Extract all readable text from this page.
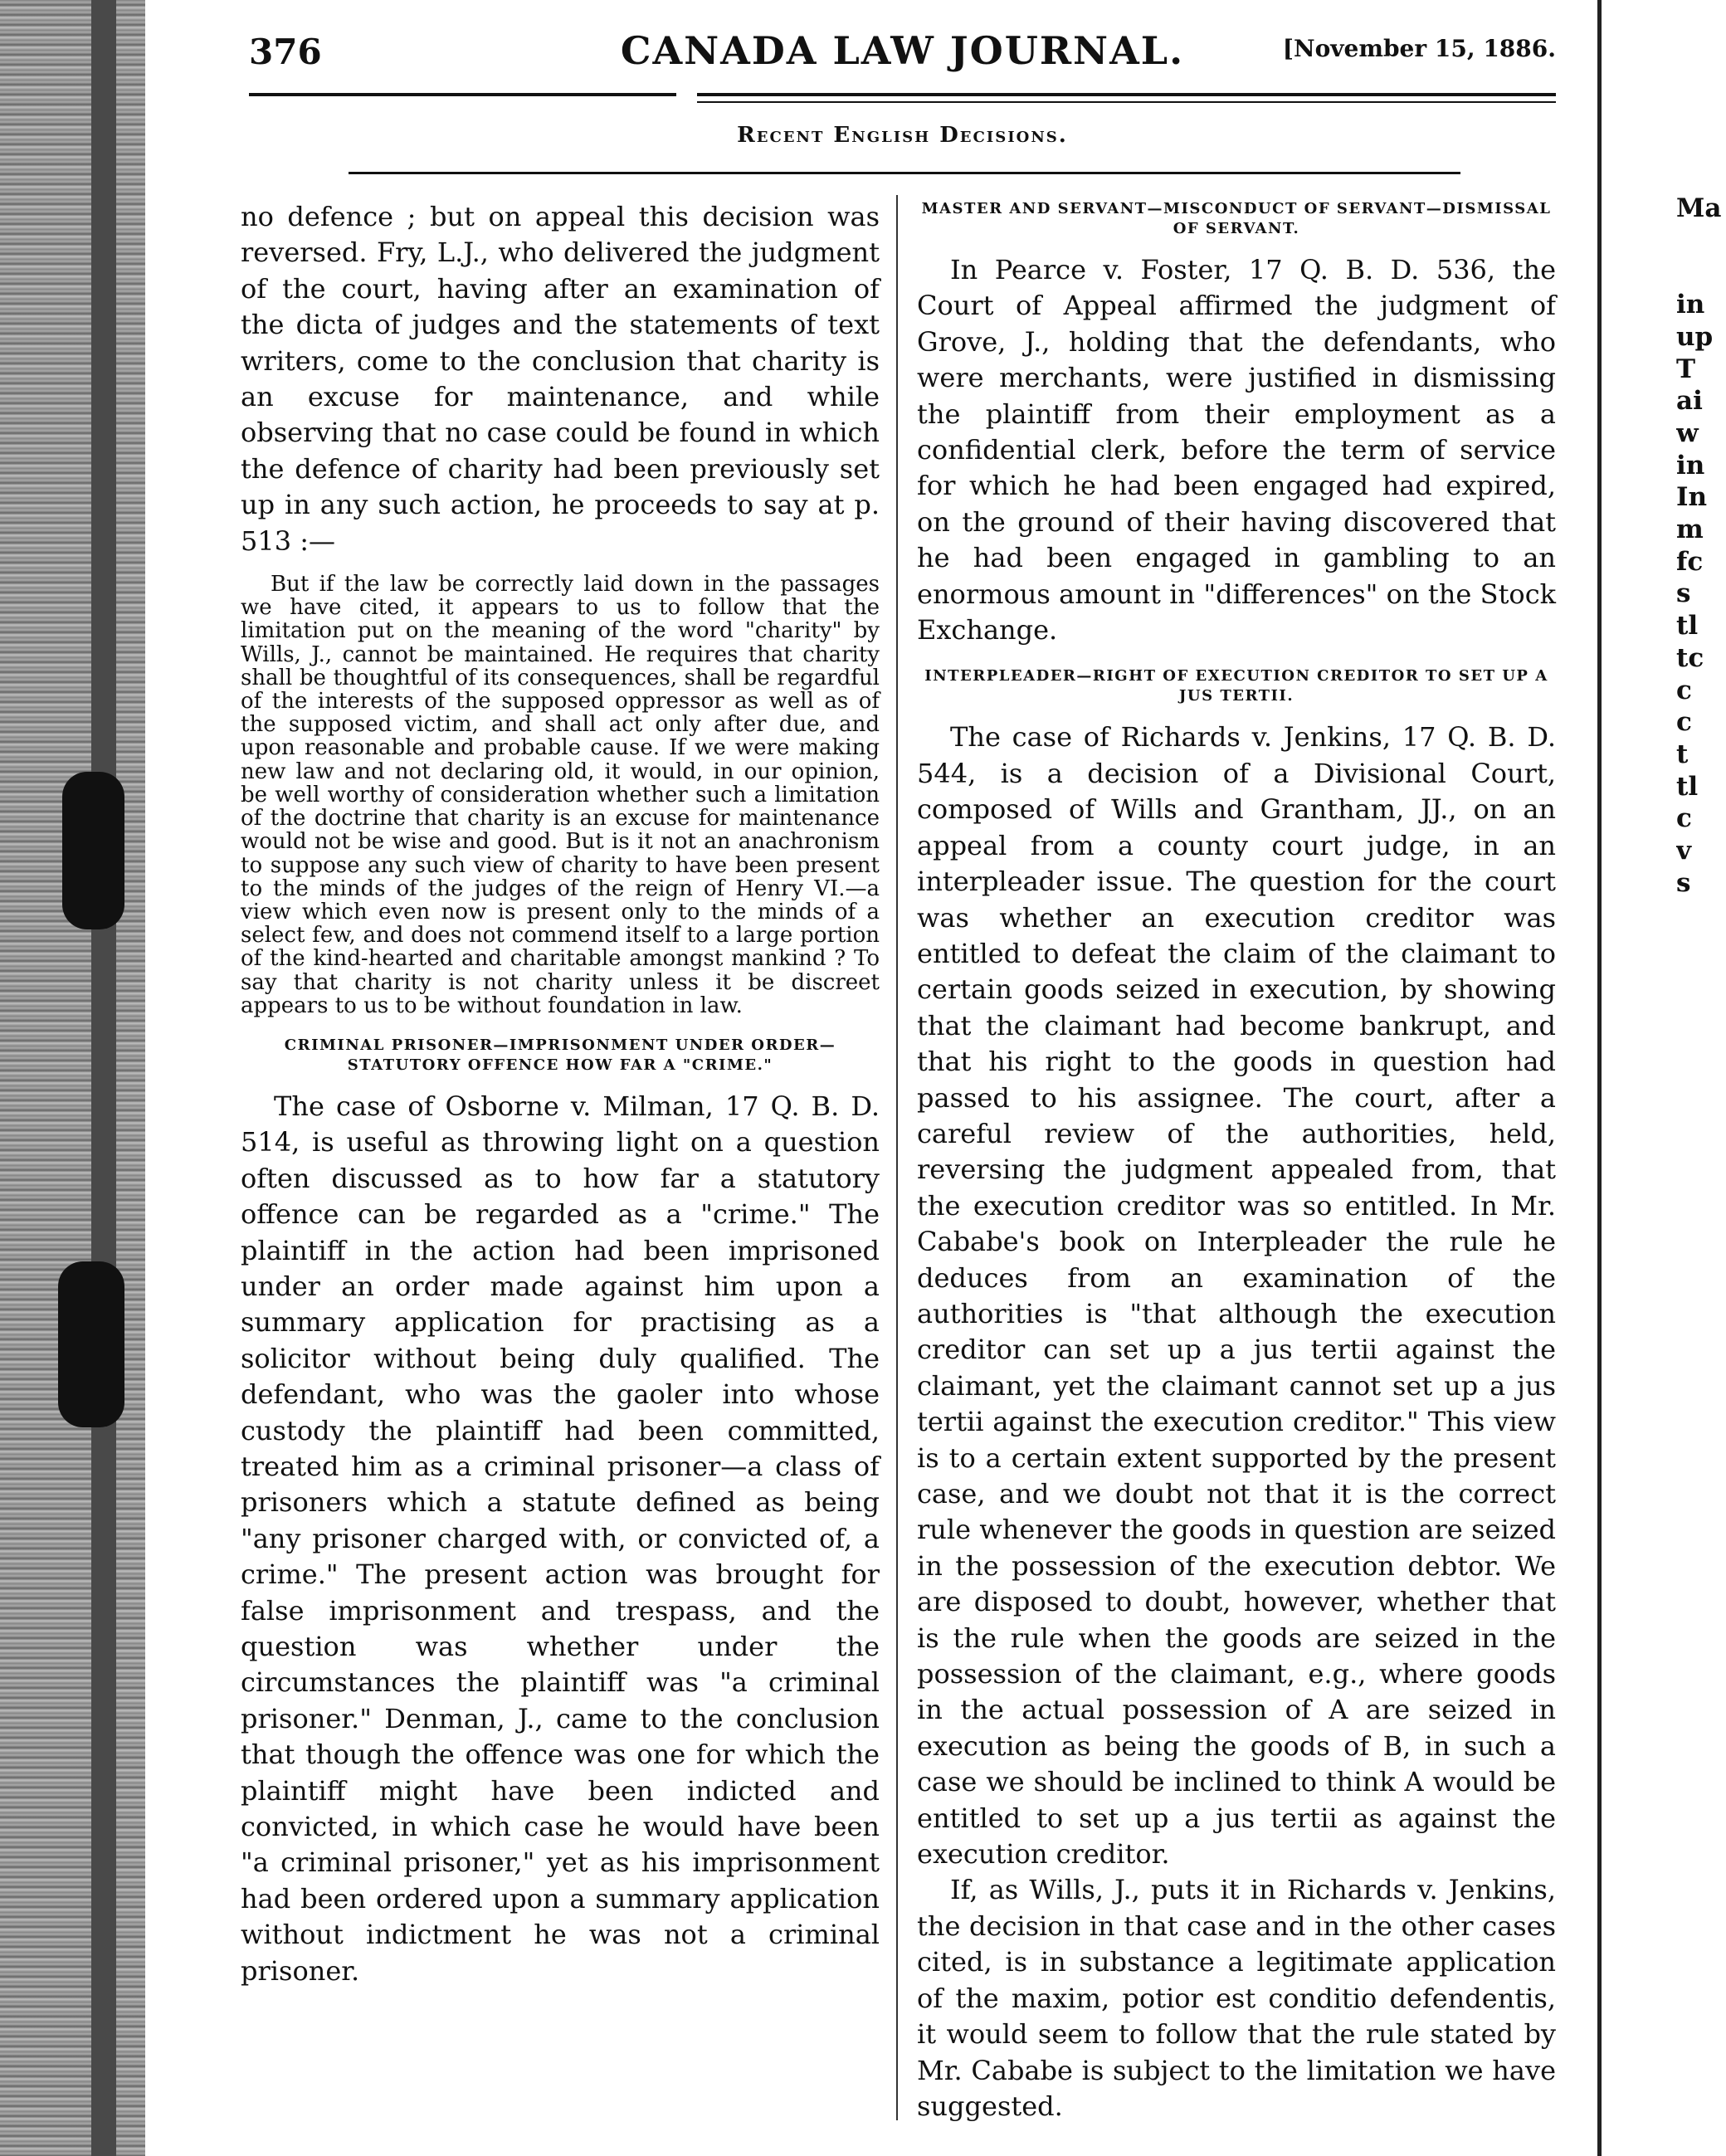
376	CANADA LAW JOURNAL.	[November 15, 1886.
Recent English Decisions.

no defence ; but on appeal this decision was reversed. Fry, L.J., who delivered the judgment of the court, having after an examination of the dicta of judges and the statements of text writers, come to the conclusion that charity is an excuse for maintenance, and while observing that no case could be found in which the defence of charity had been previously set up in any such action, he proceeds to say at p. 513 :—

But if the law be correctly laid down in the passages we have cited, it appears to us to follow that the limitation put on the meaning of the word "charity" by Wills, J., cannot be maintained. He requires that charity shall be thoughtful of its consequences, shall be regardful of the interests of the supposed oppressor as well as of the supposed victim, and shall act only after due, and upon reasonable and probable cause. If we were making new law and not declaring old, it would, in our opinion, be well worthy of consideration whether such a limitation of the doctrine that charity is an excuse for maintenance would not be wise and good. But is it not an anachronism to suppose any such view of charity to have been present to the minds of the judges of the reign of Henry VI.—a view which even now is present only to the minds of a select few, and does not commend itself to a large portion of the kind-hearted and charitable amongst mankind ? To say that charity is not charity unless it be discreet appears to us to be without foundation in law.

CRIMINAL PRISONER—IMPRISONMENT UNDER ORDER—STATUTORY OFFENCE HOW FAR A "CRIME."

The case of Osborne v. Milman, 17 Q. B. D. 514, is useful as throwing light on a question often discussed as to how far a statutory offence can be regarded as a "crime." The plaintiff in the action had been imprisoned under an order made against him upon a summary application for practising as a solicitor without being duly qualified. The defendant, who was the gaoler into whose custody the plaintiff had been committed, treated him as a criminal prisoner—a class of prisoners which a statute defined as being "any prisoner charged with, or convicted of, a crime." The present action was brought for false imprisonment and trespass, and the question was whether under the circumstances the plaintiff was "a criminal prisoner." Denman, J., came to the conclusion that though the offence was one for which the plaintiff might have been indicted and convicted, in which case he would have been "a criminal prisoner," yet as his imprisonment had been ordered upon a summary application without indictment he was not a criminal prisoner.

MASTER AND SERVANT—MISCONDUCT OF SERVANT—DISMISSAL OF SERVANT.

In Pearce v. Foster, 17 Q. B. D. 536, the Court of Appeal affirmed the judgment of Grove, J., holding that the defendants, who were merchants, were justified in dismissing the plaintiff from their employment as a confidential clerk, before the term of service for which he had been engaged had expired, on the ground of their having discovered that he had been engaged in gambling to an enormous amount in "differences" on the Stock Exchange.

INTERPLEADER—RIGHT OF EXECUTION CREDITOR TO SET UP A JUS TERTII.

The case of Richards v. Jenkins, 17 Q. B. D. 544, is a decision of a Divisional Court, composed of Wills and Grantham, JJ., on an appeal from a county court judge, in an interpleader issue. The question for the court was whether an execution creditor was entitled to defeat the claim of the claimant to certain goods seized in execution, by showing that the claimant had become bankrupt, and that his right to the goods in question had passed to his assignee. The court, after a careful review of the authorities, held, reversing the judgment appealed from, that the execution creditor was so entitled. In Mr. Cababe's book on Interpleader the rule he deduces from an examination of the authorities is "that although the execution creditor can set up a jus tertii against the claimant, yet the claimant cannot set up a jus tertii against the execution creditor." This view is to a certain extent supported by the present case, and we doubt not that it is the correct rule whenever the goods in question are seized in the possession of the execution debtor. We are disposed to doubt, however, whether that is the rule when the goods are seized in the possession of the claimant, e.g., where goods in the actual possession of A are seized in execution as being the goods of B, in such a case we should be inclined to think A would be entitled to set up a jus tertii as against the execution creditor.

If, as Wills, J., puts it in Richards v. Jenkins, the decision in that case and in the other cases cited, is in substance a legitimate application of the maxim, potior est conditio defendentis, it would seem to follow that the rule stated by Mr. Cababe is subject to the limitation we have suggested.

Ma

in
up
T
ai
w
in
In
m
fc
s
tl
tc
c
c
t
tl
c
v
s
